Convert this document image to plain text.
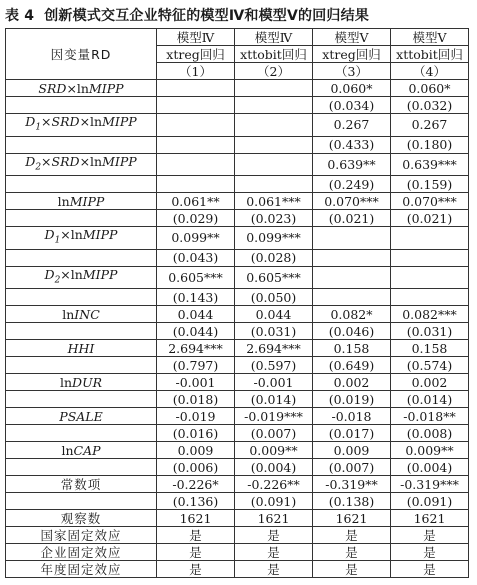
表 4 创新模式交互企业特征的模型Ⅳ和模型Ⅴ的回归结果
因变量RD	模型Ⅳ	模型Ⅳ	模型Ⅴ	模型Ⅴ
	xtreg回归	xttobit回归	xtreg回归	xttobit回归
	（1）	（2）	（3）	（4）
SRD×lnMIPP			0.060*	0.060*
			(0.034)	(0.032)
$D_1\times SRD\times lnMIPP$			0.267	0.267
			(0.433)	(0.180)
$D_2\times SRD\times lnMIPP$			0.639**	0.639***
			(0.249)	(0.159)
lnMIPP	0.061**	0.061***	0.070***	0.070***
	(0.029)	(0.023)	(0.021)	(0.021)
$D_1\times lnMIPP$	0.099**	0.099***		
	(0.043)	(0.028)		
$D_2\times lnMIPP$	0.605***	0.605***		
	(0.143)	(0.050)		
lnINC	0.044	0.044	0.082*	0.082***
	(0.044)	(0.031)	(0.046)	(0.031)
HHI	2.694***	2.694***	0.158	0.158
	(0.797)	(0.597)	(0.649)	(0.574)
lnDUR	-0.001	-0.001	0.002	0.002
	(0.018)	(0.014)	(0.019)	(0.014)
PSALE	-0.019	-0.019***	-0.018	-0.018**
	(0.016)	(0.007)	(0.017)	(0.008)
lnCAP	0.009	0.009**	0.009	0.009**
	(0.006)	(0.004)	(0.007)	(0.004)
常数项	-0.226*	-0.226**	-0.319**	-0.319***
	(0.136)	(0.091)	(0.138)	(0.091)
观察数	1621	1621	1621	1621
国家固定效应	是	是	是	是
企业固定效应	是	是	是	是
年度固定效应	是	是	是	是
